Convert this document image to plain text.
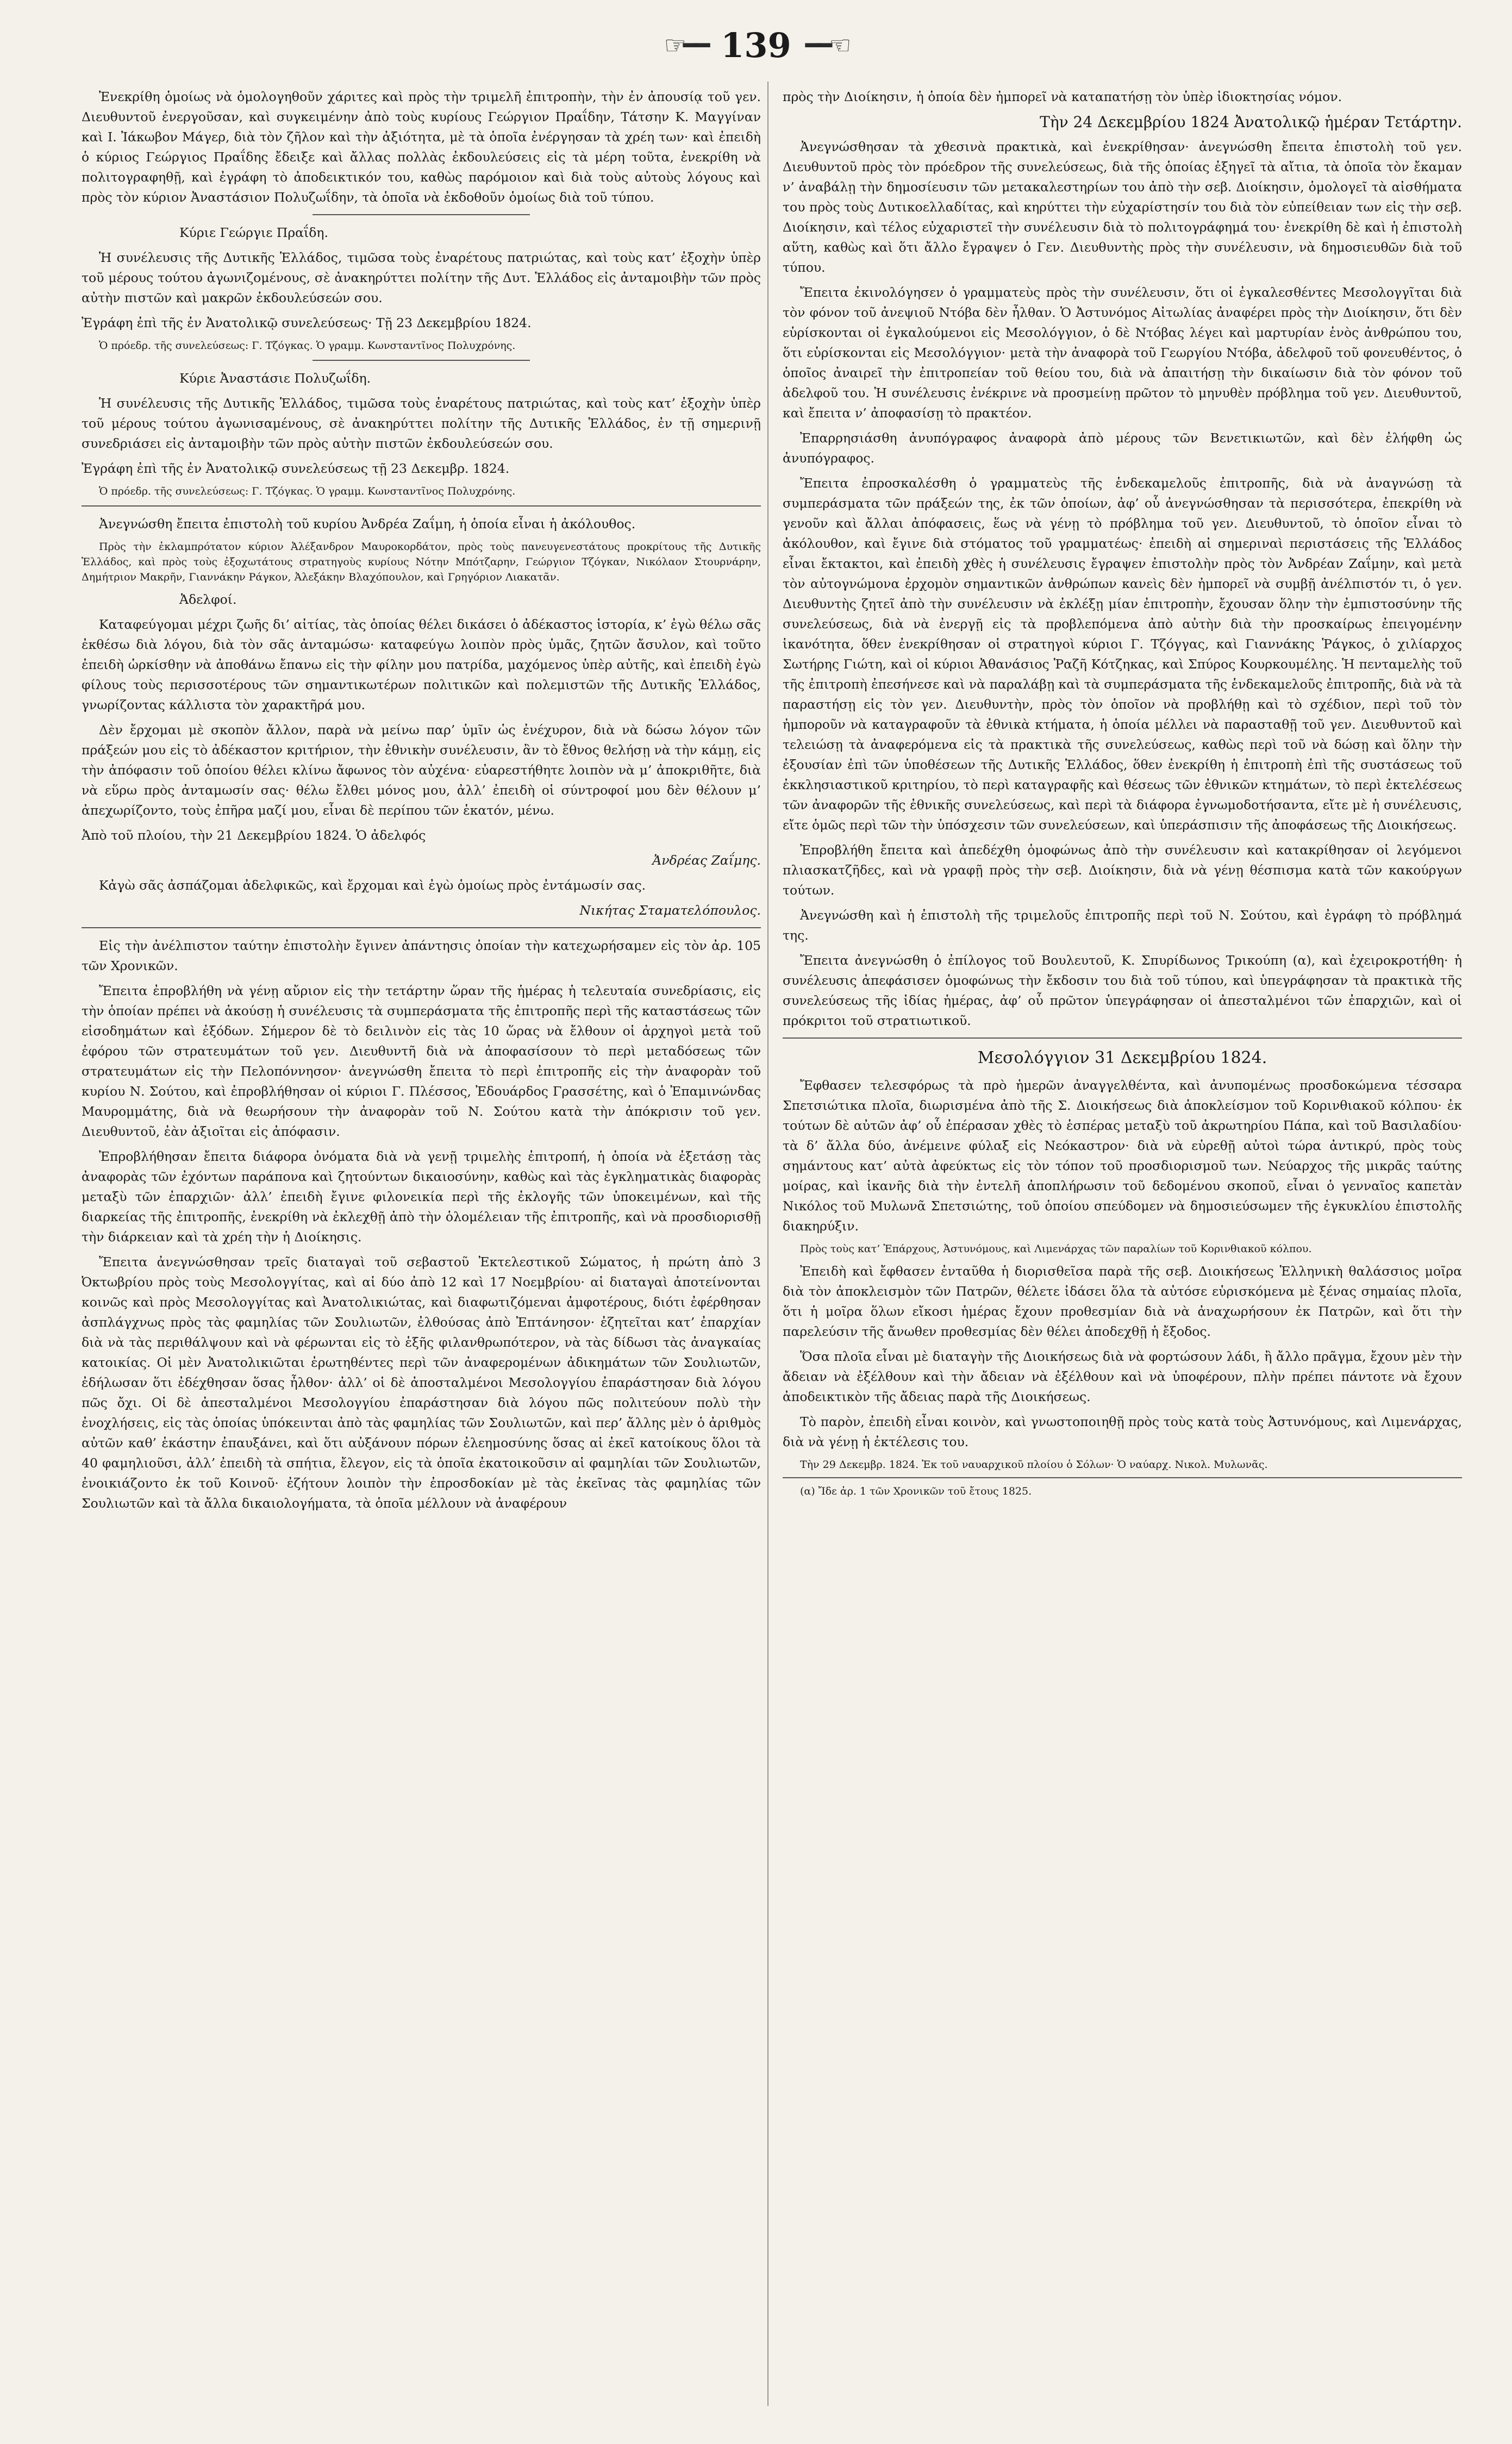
☞━━ 139 ━━☜

Ἐνεκρίθη ὁμοίως νὰ ὁμολογηθοῦν χάριτες καὶ πρὸς τὴν τριμελῆ ἐπιτροπὴν, τὴν ἐν ἀπουσίᾳ τοῦ γεν. Διευθυντοῦ ἐνεργοῦσαν, καὶ συγκειμένην ἀπὸ τοὺς κυρίους Γεώργιον Πραΐδην, Τάτσην Κ. Μαγγίναν καὶ Ι. Ἰάκωβον Μάγερ, διὰ τὸν ζῆλον καὶ τὴν ἀξιότητα, μὲ τὰ ὁποῖα ἐνέργησαν τὰ χρέη των· καὶ ἐπειδὴ ὁ κύριος Γεώργιος Πραΐδης ἔδειξε καὶ ἄλλας πολλὰς ἐκδουλεύσεις εἰς τὰ μέρη τοῦτα, ἐνεκρίθη νὰ πολιτογραφηθῇ, καὶ ἐγράφη τὸ ἀποδεικτικόν του, καθὼς παρόμοιον καὶ διὰ τοὺς αὐτοὺς λόγους καὶ πρὸς τὸν κύριον Ἀναστάσιον Πολυζωΐδην, τὰ ὁποῖα νὰ ἐκδοθοῦν ὁμοίως διὰ τοῦ τύπου.

Κύριε Γεώργιε Πραΐδη.

Ἡ συνέλευσις τῆς Δυτικῆς Ἑλλάδος, τιμῶσα τοὺς ἐναρέτους πατριώτας, καὶ τοὺς κατ’ ἐξοχὴν ὑπὲρ τοῦ μέρους τούτου ἀγωνιζομένους, σὲ ἀνακηρύττει πολίτην τῆς Δυτ. Ἑλλάδος εἰς ἀνταμοιβὴν τῶν πρὸς αὐτὴν πιστῶν καὶ μακρῶν ἐκδουλεύσεών σου.

Ἐγράφη ἐπὶ τῆς ἐν Ἀνατολικῷ συνελεύσεως· Τῇ 23 Δεκεμβρίου 1824.

Ὁ πρόεδρ. τῆς συνελεύσεως: Γ. Τζόγκας. Ὁ γραμμ. Κωνσταντῖνος Πολυχρόνης.

Κύριε Ἀναστάσιε Πολυζωΐδη.

Ἡ συνέλευσις τῆς Δυτικῆς Ἑλλάδος, τιμῶσα τοὺς ἐναρέτους πατριώτας, καὶ τοὺς κατ’ ἐξοχὴν ὑπὲρ τοῦ μέρους τούτου ἀγωνισαμένους, σὲ ἀνακηρύττει πολίτην τῆς Δυτικῆς Ἑλλάδος, ἐν τῇ σημερινῇ συνεδριάσει εἰς ἀνταμοιβὴν τῶν πρὸς αὐτὴν πιστῶν ἐκδουλεύσεών σου.

Ἐγράφη ἐπὶ τῆς ἐν Ἀνατολικῷ συνελεύσεως τῇ 23 Δεκεμβρ. 1824.

Ὁ πρόεδρ. τῆς συνελεύσεως: Γ. Τζόγκας. Ὁ γραμμ. Κωνσταντῖνος Πολυχρόνης.

Ἀνεγνώσθη ἔπειτα ἐπιστολὴ τοῦ κυρίου Ἀνδρέα Ζαΐμη, ἡ ὁποία εἶναι ἡ ἀκόλουθος.

Πρὸς τὴν ἐκλαμπρότατον κύριον Ἀλέξανδρον Μαυροκορδάτον, πρὸς τοὺς πανευγενεστάτους προκρίτους τῆς Δυτικῆς Ἑλλάδος, καὶ πρὸς τοὺς ἐξοχωτάτους στρατηγοὺς κυρίους Νότην Μπότζαρην, Γεώργιον Τζόγκαν, Νικόλαον Στουρνάρην, Δημήτριον Μακρῆν, Γιαννάκην Ράγκον, Ἀλεξάκην Βλαχόπουλον, καὶ Γρηγόριον Λιακατᾶν.

Ἀδελφοί.

Καταφεύγομαι μέχρι ζωῆς δι’ αἰτίας, τὰς ὁποίας θέλει δικάσει ὁ ἀδέκαστος ἱστορία, κ’ ἐγὼ θέλω σᾶς ἐκθέσω διὰ λόγου, διὰ τὸν σᾶς ἀνταμώσω· καταφεύγω λοιπὸν πρὸς ὑμᾶς, ζητῶν ἄσυλον, καὶ τοῦτο ἐπειδὴ ὡρκίσθην νὰ ἀποθάνω ἔπανω εἰς τὴν φίλην μου πατρίδα, μαχόμενος ὑπὲρ αὐτῆς, καὶ ἐπειδὴ ἐγὼ φίλους τοὺς περισσοτέρους τῶν σημαντικωτέρων πολιτικῶν καὶ πολεμιστῶν τῆς Δυτικῆς Ἑλλάδος, γνωρίζοντας κάλλιστα τὸν χαρακτῆρά μου.

Δὲν ἔρχομαι μὲ σκοπὸν ἄλλον, παρὰ νὰ μείνω παρ’ ὑμῖν ὡς ἐνέχυρον, διὰ νὰ δώσω λόγον τῶν πράξεών μου εἰς τὸ ἀδέκαστον κριτήριον, τὴν ἐθνικὴν συνέλευσιν, ἂν τὸ ἔθνος θελήσῃ νὰ τὴν κάμῃ, εἰς τὴν ἀπόφασιν τοῦ ὁποίου θέλει κλίνω ἄφωνος τὸν αὐχένα· εὐαρεστήθητε λοιπὸν νὰ μ’ ἀποκριθῆτε, διὰ νὰ εὕρω πρὸς ἀνταμωσίν σας· θέλω ἔλθει μόνος μου, ἀλλ’ ἐπειδὴ οἱ σύντροφοί μου δὲν θέλουν μ’ ἀπεχωρίζοντο, τοὺς ἐπῆρα μαζί μου, εἶναι δὲ περίπου τῶν ἑκατόν, μένω.

Ἀπὸ τοῦ πλοίου, τὴν 21 Δεκεμβρίου 1824. Ὁ ἀδελφός

Ἀνδρέας Ζαΐμης.

Κἀγὼ σᾶς ἀσπάζομαι ἀδελφικῶς, καὶ ἔρχομαι καὶ ἐγὼ ὁμοίως πρὸς ἐντάμωσίν σας.

Νικήτας Σταματελόπουλος.

Εἰς τὴν ἀνέλπιστον ταύτην ἐπιστολὴν ἔγινεν ἀπάντησις ὁποίαν τὴν κατεχωρήσαμεν εἰς τὸν ἀρ. 105 τῶν Χρονικῶν.

Ἔπειτα ἐπροβλήθη νὰ γένῃ αὔριον εἰς τὴν τετάρτην ὥραν τῆς ἡμέρας ἡ τελευταία συνεδρίασις, εἰς τὴν ὁποίαν πρέπει νὰ ἀκούσῃ ἡ συνέλευσις τὰ συμπεράσματα τῆς ἐπιτροπῆς περὶ τῆς καταστάσεως τῶν εἰσοδημάτων καὶ ἐξόδων. Σήμερον δὲ τὸ δειλινὸν εἰς τὰς 10 ὥρας νὰ ἔλθουν οἱ ἀρχηγοὶ μετὰ τοῦ ἐφόρου τῶν στρατευμάτων τοῦ γεν. Διευθυντῆ διὰ νὰ ἀποφασίσουν τὸ περὶ μεταδόσεως τῶν στρατευμάτων εἰς τὴν Πελοπόννησον· ἀνεγνώσθη ἔπειτα τὸ περὶ ἐπιτροπῆς εἰς τὴν ἀναφορὰν τοῦ κυρίου Ν. Σούτου, καὶ ἐπροβλήθησαν οἱ κύριοι Γ. Πλέσσος, Ἐδουάρδος Γρασσέτης, καὶ ὁ Ἐπαμινώνδας Μαυρομμάτης, διὰ νὰ θεωρήσουν τὴν ἀναφορὰν τοῦ Ν. Σούτου κατὰ τὴν ἀπόκρισιν τοῦ γεν. Διευθυντοῦ, ἐὰν ἀξιοῖται εἰς ἀπόφασιν.

Ἐπροβλήθησαν ἔπειτα διάφορα ὀνόματα διὰ νὰ γενῇ τριμελὴς ἐπιτροπή, ἡ ὁποία νὰ ἐξετάσῃ τὰς ἀναφορὰς τῶν ἐχόντων παράπονα καὶ ζητούντων δικαιοσύνην, καθὼς καὶ τὰς ἐγκληματικὰς διαφορὰς μεταξὺ τῶν ἐπαρχιῶν· ἀλλ’ ἐπειδὴ ἔγινε φιλονεικία περὶ τῆς ἐκλογῆς τῶν ὑποκειμένων, καὶ τῆς διαρκείας τῆς ἐπιτροπῆς, ἐνεκρίθη νὰ ἐκλεχθῇ ἀπὸ τὴν ὁλομέλειαν τῆς ἐπιτροπῆς, καὶ νὰ προσδιορισθῇ τὴν διάρκειαν καὶ τὰ χρέη τὴν ἡ Διοίκησις.

Ἔπειτα ἀνεγνώσθησαν τρεῖς διαταγαὶ τοῦ σεβαστοῦ Ἐκτελεστικοῦ Σώματος, ἡ πρώτη ἀπὸ 3 Ὀκτωβρίου πρὸς τοὺς Μεσολογγίτας, καὶ αἱ δύο ἀπὸ 12 καὶ 17 Νοεμβρίου· αἱ διαταγαὶ ἀποτείνονται κοινῶς καὶ πρὸς Μεσολογγίτας καὶ Ἀνατολικιώτας, καὶ διαφωτιζόμεναι ἀμφοτέρους, διότι ἐφέρθησαν ἀσπλάγχνως πρὸς τὰς φαμηλίας τῶν Σουλιωτῶν, ἐλθούσας ἀπὸ Ἐπτάνησον· ἐζητεῖται κατ’ ἐπαρχίαν διὰ νὰ τὰς περιθάλψουν καὶ νὰ φέρωνται εἰς τὸ ἑξῆς φιλανθρωπότερον, νὰ τὰς δίδωσι τὰς ἀναγκαίας κατοικίας. Οἱ μὲν Ἀνατολικιῶται ἐρωτηθέντες περὶ τῶν ἀναφερομένων ἀδικημάτων τῶν Σουλιωτῶν, ἐδήλωσαν ὅτι ἐδέχθησαν ὅσας ἦλθον· ἀλλ’ οἱ δὲ ἀποσταλμένοι Μεσολογγίου ἐπαράστησαν διὰ λόγου πῶς ὄχι. Οἱ δὲ ἀπεσταλμένοι Μεσολογγίου ἐπαράστησαν διὰ λόγου πῶς πολιτεύουν πολὺ τὴν ἐνοχλήσεις, εἰς τὰς ὁποίας ὑπόκεινται ἀπὸ τὰς φαμηλίας τῶν Σουλιωτῶν, καὶ περ’ ἄλλης μὲν ὁ ἀριθμὸς αὐτῶν καθ’ ἑκάστην ἐπαυξάνει, καὶ ὅτι αὐξάνουν πόρων ἐλεημοσύνης ὅσας αἱ ἐκεῖ κατοίκους ὅλοι τὰ 40 φαμηλιοῦσι, ἀλλ’ ἐπειδὴ τὰ σπήτια, ἔλεγον, εἰς τὰ ὁποῖα ἐκατοικοῦσιν αἱ φαμηλίαι τῶν Σουλιωτῶν, ἐνοικιάζοντο ἐκ τοῦ Κοινοῦ· ἐζήτουν λοιπὸν τὴν ἐπροσδοκίαν μὲ τὰς ἐκεῖνας τὰς φαμηλίας τῶν Σουλιωτῶν καὶ τὰ ἄλλα δικαιολογήματα, τὰ ὁποῖα μέλλουν νὰ ἀναφέρουν

πρὸς τὴν Διοίκησιν, ἡ ὁποία δὲν ἠμπορεῖ νὰ καταπατήσῃ τὸν ὑπὲρ ἰδιοκτησίας νόμον.

Τὴν 24 Δεκεμβρίου 1824 Ἀνατολικῷ ἡμέραν Τετάρτην.

Ἀνεγνώσθησαν τὰ χθεσινὰ πρακτικὰ, καὶ ἐνεκρίθησαν· ἀνεγνώσθη ἔπειτα ἐπιστολὴ τοῦ γεν. Διευθυντοῦ πρὸς τὸν πρόεδρον τῆς συνελεύσεως, διὰ τῆς ὁποίας ἐξηγεῖ τὰ αἴτια, τὰ ὁποῖα τὸν ἔκαμαν ν’ ἀναβάλῃ τὴν δημοσίευσιν τῶν μετακαλεστηρίων του ἀπὸ τὴν σεβ. Διοίκησιν, ὁμολογεῖ τὰ αἰσθήματα του πρὸς τοὺς Δυτικοελλαδίτας, καὶ κηρύττει τὴν εὐχαρίστησίν του διὰ τὸν εὐπείθειαν των εἰς τὴν σεβ. Διοίκησιν, καὶ τέλος εὐχαριστεῖ τὴν συνέλευσιν διὰ τὸ πολιτογράφημά του· ἐνεκρίθη δὲ καὶ ἡ ἐπιστολὴ αὕτη, καθὼς καὶ ὅτι ἄλλο ἔγραψεν ὁ Γεν. Διευθυντὴς πρὸς τὴν συνέλευσιν, νὰ δημοσιευθῶν διὰ τοῦ τύπου.

Ἔπειτα ἐκινολόγησεν ὁ γραμματεὺς πρὸς τὴν συνέλευσιν, ὅτι οἱ ἐγκαλεσθέντες Μεσολογγῖται διὰ τὸν φόνον τοῦ ἀνεψιοῦ Ντόβα δὲν ἦλθαν. Ὁ Ἀστυνόμος Αἰτωλίας ἀναφέρει πρὸς τὴν Διοίκησιν, ὅτι δὲν εὑρίσκονται οἱ ἐγκαλούμενοι εἰς Μεσολόγγιον, ὁ δὲ Ντόβας λέγει καὶ μαρτυρίαν ἑνὸς ἀνθρώπου του, ὅτι εὑρίσκονται εἰς Μεσολόγγιον· μετὰ τὴν ἀναφορὰ τοῦ Γεωργίου Ντόβα, ἀδελφοῦ τοῦ φονευθέντος, ὁ ὁποῖος ἀναιρεῖ τὴν ἐπιτροπείαν τοῦ θείου του, διὰ νὰ ἀπαιτήσῃ τὴν δικαίωσιν διὰ τὸν φόνον τοῦ ἀδελφοῦ του. Ἡ συνέλευσις ἐνέκρινε νὰ προσμείνῃ πρῶτον τὸ μηνυθὲν πρόβλημα τοῦ γεν. Διευθυντοῦ, καὶ ἔπειτα ν’ ἀποφασίσῃ τὸ πρακτέον.

Ἐπαρρησιάσθη ἀνυπόγραφος ἀναφορὰ ἀπὸ μέρους τῶν Βενετικιωτῶν, καὶ δὲν ἐλήφθη ὡς ἀνυπόγραφος.

Ἔπειτα ἐπροσκαλέσθη ὁ γραμματεὺς τῆς ἑνδεκαμελοῦς ἐπιτροπῆς, διὰ νὰ ἀναγνώσῃ τὰ συμπεράσματα τῶν πράξεών της, ἐκ τῶν ὁποίων, ἀφ’ οὗ ἀνεγνώσθησαν τὰ περισσότερα, ἐπεκρίθη νὰ γενοῦν καὶ ἄλλαι ἀπόφασεις, ἕως νὰ γένῃ τὸ πρόβλημα τοῦ γεν. Διευθυντοῦ, τὸ ὁποῖον εἶναι τὸ ἀκόλουθον, καὶ ἔγινε διὰ στόματος τοῦ γραμματέως· ἐπειδὴ αἱ σημεριναὶ περιστάσεις τῆς Ἑλλάδος εἶναι ἔκτακτοι, καὶ ἐπειδὴ χθὲς ἡ συνέλευσις ἔγραψεν ἐπιστολὴν πρὸς τὸν Ἀνδρέαν Ζαΐμην, καὶ μετὰ τὸν αὐτογνώμονα ἐρχομὸν σημαντικῶν ἀνθρώπων κανεὶς δὲν ἠμπορεῖ νὰ συμβῇ ἀνέλπιστόν τι, ὁ γεν. Διευθυντὴς ζητεῖ ἀπὸ τὴν συνέλευσιν νὰ ἐκλέξῃ μίαν ἐπιτροπὴν, ἔχουσαν ὅλην τὴν ἐμπιστοσύνην τῆς συνελεύσεως, διὰ νὰ ἐνεργῇ εἰς τὰ προβλεπόμενα ἀπὸ αὐτὴν διὰ τὴν προσκαίρως ἐπειγομένην ἱκανότητα, ὅθεν ἐνεκρίθησαν οἱ στρατηγοὶ κύριοι Γ. Τζόγγας, καὶ Γιαννάκης Ῥάγκος, ὁ χιλίαρχος Σωτήρης Γιώτη, καὶ οἱ κύριοι Ἀθανάσιος Ῥαζῆ Κότζηκας, καὶ Σπύρος Κουρκουμέλης. Ἡ πενταμελὴς τοῦ τῆς ἐπιτροπὴ ἐπεσήνεσε καὶ νὰ παραλάβῃ καὶ τὰ συμπεράσματα τῆς ἑνδεκαμελοῦς ἐπιτροπῆς, διὰ νὰ τὰ παραστήσῃ εἰς τὸν γεν. Διευθυντὴν, πρὸς τὸν ὁποῖον νὰ προβλήθῃ καὶ τὸ σχέδιον, περὶ τοῦ τὸν ἠμποροῦν νὰ καταγραφοῦν τὰ ἐθνικὰ κτήματα, ἡ ὁποία μέλλει νὰ παρασταθῇ τοῦ γεν. Διευθυντοῦ καὶ τελειώσῃ τὰ ἀναφερόμενα εἰς τὰ πρακτικὰ τῆς συνελεύσεως, καθὼς περὶ τοῦ νὰ δώσῃ καὶ ὅλην τὴν ἐξουσίαν ἐπὶ τῶν ὑποθέσεων τῆς Δυτικῆς Ἑλλάδος, ὅθεν ἐνεκρίθη ἡ ἐπιτροπὴ ἐπὶ τῆς συστάσεως τοῦ ἐκκλησιαστικοῦ κριτηρίου, τὸ περὶ καταγραφῆς καὶ θέσεως τῶν ἐθνικῶν κτημάτων, τὸ περὶ ἐκτελέσεως τῶν ἀναφορῶν τῆς ἐθνικῆς συνελεύσεως, καὶ περὶ τὰ διάφορα ἐγνωμοδοτήσαντα, εἴτε μὲ ἡ συνέλευσις, εἴτε ὁμῶς περὶ τῶν τὴν ὑπόσχεσιν τῶν συνελεύσεων, καὶ ὑπεράσπισιν τῆς ἀποφάσεως τῆς Διοικήσεως.

Ἐπροβλήθη ἔπειτα καὶ ἀπεδέχθη ὁμοφώνως ἀπὸ τὴν συνέλευσιν καὶ κατακρίθησαν οἱ λεγόμενοι πλιασκατζῆδες, καὶ νὰ γραφῇ πρὸς τὴν σεβ. Διοίκησιν, διὰ νὰ γένῃ θέσπισμα κατὰ τῶν κακούργων τούτων.

Ἀνεγνώσθη καὶ ἡ ἐπιστολὴ τῆς τριμελοῦς ἐπιτροπῆς περὶ τοῦ Ν. Σούτου, καὶ ἐγράφη τὸ πρόβλημά της.

Ἔπειτα ἀνεγνώσθη ὁ ἐπίλογος τοῦ Βουλευτοῦ, Κ. Σπυρίδωνος Τρικούπη (α), καὶ ἐχειροκροτήθη· ἡ συνέλευσις ἀπεφάσισεν ὁμοφώνως τὴν ἔκδοσιν του διὰ τοῦ τύπου, καὶ ὑπεγράφησαν τὰ πρακτικὰ τῆς συνελεύσεως τῆς ἰδίας ἡμέρας, ἀφ’ οὗ πρῶτον ὑπεγράφησαν οἱ ἀπεσταλμένοι τῶν ἐπαρχιῶν, καὶ οἱ πρόκριτοι τοῦ στρατιωτικοῦ.

Μεσολόγγιον 31 Δεκεμβρίου 1824.

Ἔφθασεν τελεσφόρως τὰ πρὸ ἡμερῶν ἀναγγελθέντα, καὶ ἀνυπομένως προσδοκώμενα τέσσαρα Σπετσιώτικα πλοῖα, διωρισμένα ἀπὸ τῆς Σ. Διοικήσεως διὰ ἀποκλείσμον τοῦ Κορινθιακοῦ κόλπου· ἐκ τούτων δὲ αὐτῶν ἀφ’ οὗ ἐπέρασαν χθὲς τὸ ἑσπέρας μεταξὺ τοῦ ἀκρωτηρίου Πάπα, καὶ τοῦ Βασιλαδίου· τὰ δ’ ἄλλα δύο, ἀνέμεινε φύλαξ εἰς Νεόκαστρον· διὰ νὰ εὑρεθῇ αὐτοὶ τώρα ἀντικρύ, πρὸς τοὺς σημάντους κατ’ αὐτὰ ἀφεύκτως εἰς τὸν τόπον τοῦ προσδιορισμοῦ των. Νεύαρχος τῆς μικρᾶς ταύτης μοίρας, καὶ ἱκανῆς διὰ τὴν ἐντελῆ ἀποπλήρωσιν τοῦ δεδομένου σκοποῦ, εἶναι ὁ γενναῖος καπετὰν Νικόλος τοῦ Μυλωνᾶ Σπετσιώτης, τοῦ ὁποίου σπεύδομεν νὰ δημοσιεύσωμεν τῆς ἐγκυκλίου ἐπιστολῆς διακηρύξιν.

Πρὸς τοὺς κατ’ Ἐπάρχους, Ἀστυνόμους, καὶ Λιμενάρχας τῶν παραλίων τοῦ Κορινθιακοῦ κόλπου.

Ἐπειδὴ καὶ ἔφθασεν ἐνταῦθα ἡ διορισθεῖσα παρὰ τῆς σεβ. Διοικήσεως Ἑλληνικὴ θαλάσσιος μοῖρα διὰ τὸν ἀποκλεισμὸν τῶν Πατρῶν, θέλετε ἰδάσει ὅλα τὰ αὐτόσε εὑρισκόμενα μὲ ξένας σημαίας πλοῖα, ὅτι ἡ μοῖρα ὅλων εἴκοσι ἡμέρας ἔχουν προθεσμίαν διὰ νὰ ἀναχωρήσουν ἐκ Πατρῶν, καὶ ὅτι τὴν παρελεύσιν τῆς ἄνωθεν προθεσμίας δὲν θέλει ἀποδεχθῇ ἡ ἔξοδος.

Ὅσα πλοῖα εἶναι μὲ διαταγὴν τῆς Διοικήσεως διὰ νὰ φορτώσουν λάδι, ἢ ἄλλο πρᾶγμα, ἔχουν μὲν τὴν ἄδειαν νὰ ἐξέλθουν καὶ τὴν ἄδειαν νὰ ἐξέλθουν καὶ νὰ ὑποφέρουν, πλὴν πρέπει πάντοτε νὰ ἔχουν ἀποδεικτικὸν τῆς ἄδειας παρὰ τῆς Διοικήσεως.

Τὸ παρὸν, ἐπειδὴ εἶναι κοινὸν, καὶ γνωστοποιηθῇ πρὸς τοὺς κατὰ τοὺς Ἀστυνόμους, καὶ Λιμενάρχας, διὰ νὰ γένῃ ἡ ἐκτέλεσις του.

Τὴν 29 Δεκεμβρ. 1824. Ἐκ τοῦ ναυαρχικοῦ πλοίου ὁ Σόλων· Ὁ ναύαρχ. Νικολ. Μυλωνᾶς.

(α) Ἴδε ἀρ. 1 τῶν Χρονικῶν τοῦ ἔτους 1825.
